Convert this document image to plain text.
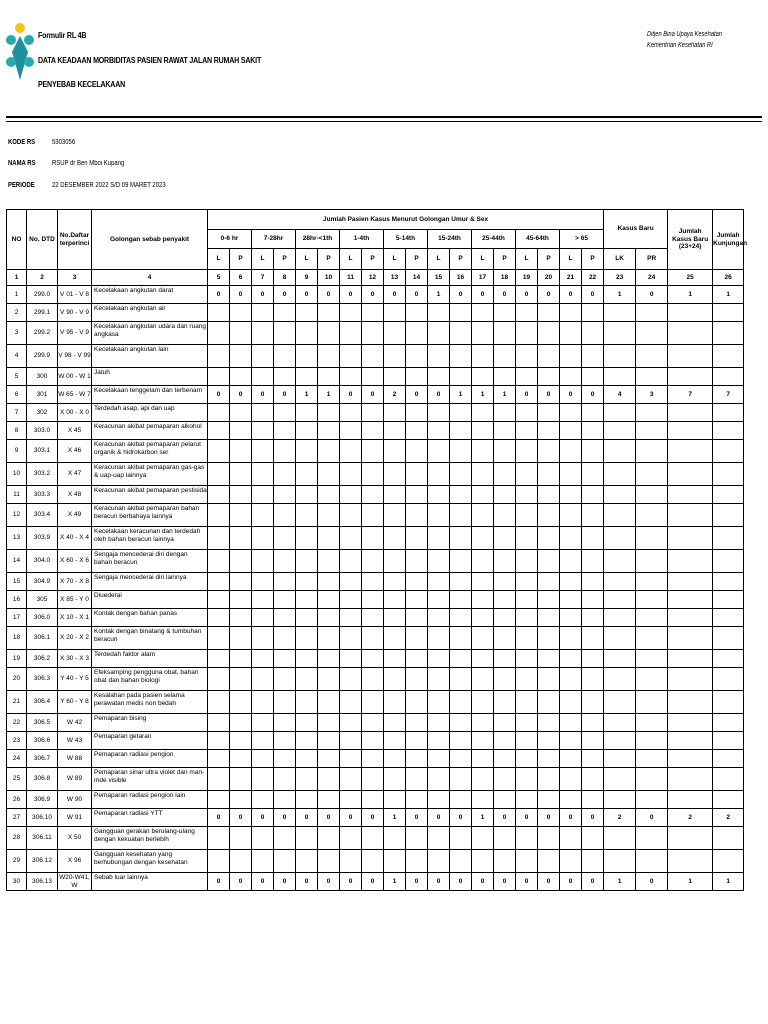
Formulir RL 4B
DATA KEADAAN MORBIDITAS PASIEN RAWAT JALAN RUMAH SAKIT
PENYEBAB KECELAKAAN
Ditjen Bina Upaya Kesehatan
Kementrian Kesehatan RI
KODE RS 5303056
NAMA RS RSUP dr Ben Mboi Kupang
PERIODE 22 DESEMBER 2022 S/D 09 MARET 2023
NO	No. DTD	No.Daftar terperinci	Golongan sebab penyakit	Jumlah Pasien Kasus Menurut Golongan Umur & Sex																		Kasus Baru		Jumlah Kasus Baru (23+24)	Jumlah Kunjungan
				0-6 hr		7-28hr		28hr-<1th		1-4th		5-14th		15-24th		25-44th		45-64th		> 65					
				L	P	L	P	L	P	L	P	L	P	L	P	L	P	L	P	L	P	LK	PR		
1	2	3	4	5	6	7	8	9	10	11	12	13	14	15	16	17	18	19	20	21	22	23	24	25	26
1	299.0	V 01 - V 8	Kecelakaan angkutan darat	0	0	0	0	0	0	0	0	0	0	1	0	0	0	0	0	0	0	1	0	1	1
2	299.1	V 90 - V 9	Kecelakaan angkutan air																						
3	299.2	V 95 - V 9	Kecelakaan angkutan udara dan ruang angkasa																						
4	299.9	V 98 - V 99	Kecelakaan angkutan lain																						
5	300	W 00 - W 1	Jatuh																						
6	301	W 65 - W 7	Kecelakaan tenggelam dan terbenam	0	0	0	0	1	1	0	0	2	0	0	1	1	1	0	0	0	0	4	3	7	7
7	302	X 00 - X 0	Terdedah asap, api dan uap																						
8	303.0	X 45	Keracunan akibat pemaparan alkohol																						
9	303.1	X 46	Keracunan akibat pemaparan pelarut organik & hidrokarbon ser																						
10	303.2	X 47	Keracunan akibat pemaparan gas-gas & uap-uap lainnya																						
11	303.3	X 48	Keracunan akibat pemaparan pestisida																						
12	303.4	X 49	Keracunan akibat pemaparan bahan beracun berbahaya lainnya																						
13	303.9	X 40 - X 4	Kecelakaan keracunan dan terdedah oleh bahan beracun lainnya																						
14	304.0	X 60 - X 6	Sengaja mencederai diri dengan bahan beracun																						
15	304.9	X 70 - X 8	Sengaja mencederai diri lainnya																						
16	305	X 85 - Y 0	Diuederai																						
17	306.0	X 10 - X 1	Kontak dengan bahan panas																						
18	306.1	X 20 - X 2	Kontak dengan binatang & tumbuhan beracun																						
19	306.2	X 30 - X 3	Terdedah faktor alam																						
20	306.3	Y 40 - Y 5	Efeksamping pengguna obat, bahan obat dan bahan biologi																						
21	306.4	Y 60 - Y 8	Kesalahan pada pasien selama perawatan medis non bedah																						
22	306.5	W 42	Pemaparan bising																						
23	306.6	W 43	Pemaparan getaran																						
24	306.7	W 88	Pemaparan radiasi pengion																						
25	306.8	W 89	Pemaparan sinar ultra violet dan man-mde visible																						
26	306.9	W 90	Pemaparan radiasi pengion lain																						
27	306.10	W 91	Pemaparan radiasi YTT	0	0	0	0	0	0	0	0	1	0	0	0	1	0	0	0	0	0	2	0	2	2
28	306.11	X 50	Gangguan gerakan berulang-ulang dengan kekuatan berlebih																						
29	306.12	X 96	Gangguan kesehatan yang berhubungan dengan kesehatan																						
30	306.13	W20-W41, W	Sebab luar lainnya	0	0	0	0	0	0	0	0	1	0	0	0	0	0	0	0	0	0	1	0	1	1
